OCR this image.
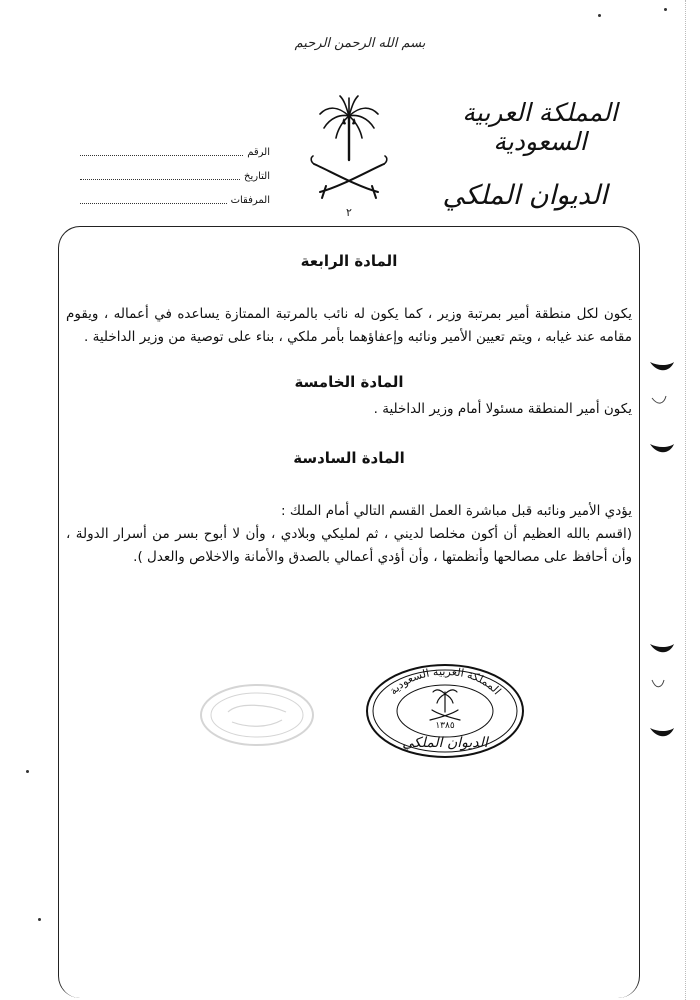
بسم الله الرحمن الرحيم
المملكة العربية السعودية
الديوان الملكي
٢
الرقم
التاريخ
المرفقات
المادة الرابعة

يكون لكل منطقة أمير بمرتبة وزير ، كما يكون له نائب بالمرتبة الممتازة يساعده في أعماله ، ويقوم مقامه عند غيابه ، ويتم تعيين الأمير ونائبه وإعفاؤهما بأمر ملكي ، بناء على توصية من وزير الداخلية .

المادة الخامسة

يكون أمير المنطقة مسئولا أمام وزير الداخلية .

المادة السادسة

يؤدي الأمير ونائبه قبل مباشرة العمل القسم التالي أمام الملك :

(اقسم بالله العظيم أن أكون مخلصا لديني ، ثم لمليكي وبلادي ، وأن لا أبوح بسر من أسرار الدولة ، وأن أحافظ على مصالحها وأنظمتها ، وأن أؤدي أعمالي بالصدق والأمانة والاخلاص والعدل ).

المملكة العربية السعودية
١٣٨٥
الديوان الملكي
